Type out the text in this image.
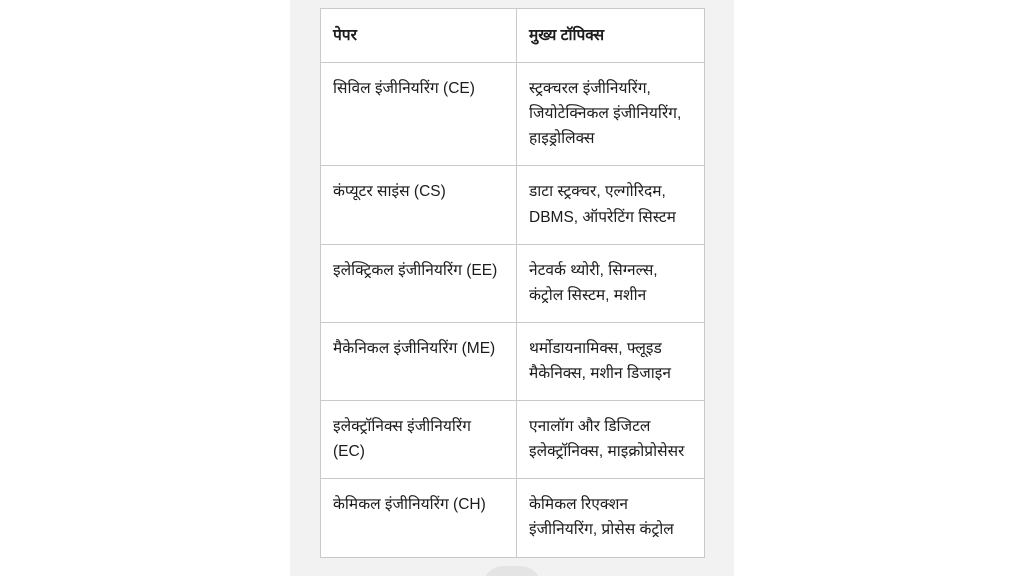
पेपर	मुख्य टॉपिक्स
सिविल इंजीनियरिंग (CE)	स्ट्रक्चरल इंजीनियरिंग, जियोटेक्निकल इंजीनियरिंग, हाइड्रोलिक्स
कंप्यूटर साइंस (CS)	डाटा स्ट्रक्चर, एल्गोरिदम, DBMS, ऑपरेटिंग सिस्टम
इलेक्ट्रिकल इंजीनियरिंग (EE)	नेटवर्क थ्योरी, सिग्नल्स, कंट्रोल सिस्टम, मशीन
मैकेनिकल इंजीनियरिंग (ME)	थर्मोडायनामिक्स, फ्लूइड मैकेनिक्स, मशीन डिजाइन
इलेक्ट्रॉनिक्स इंजीनियरिंग (EC)	एनालॉग और डिजिटल इलेक्ट्रॉनिक्स, माइक्रोप्रोसेसर
केमिकल इंजीनियरिंग (CH)	केमिकल रिएक्शन इंजीनियरिंग, प्रोसेस कंट्रोल
